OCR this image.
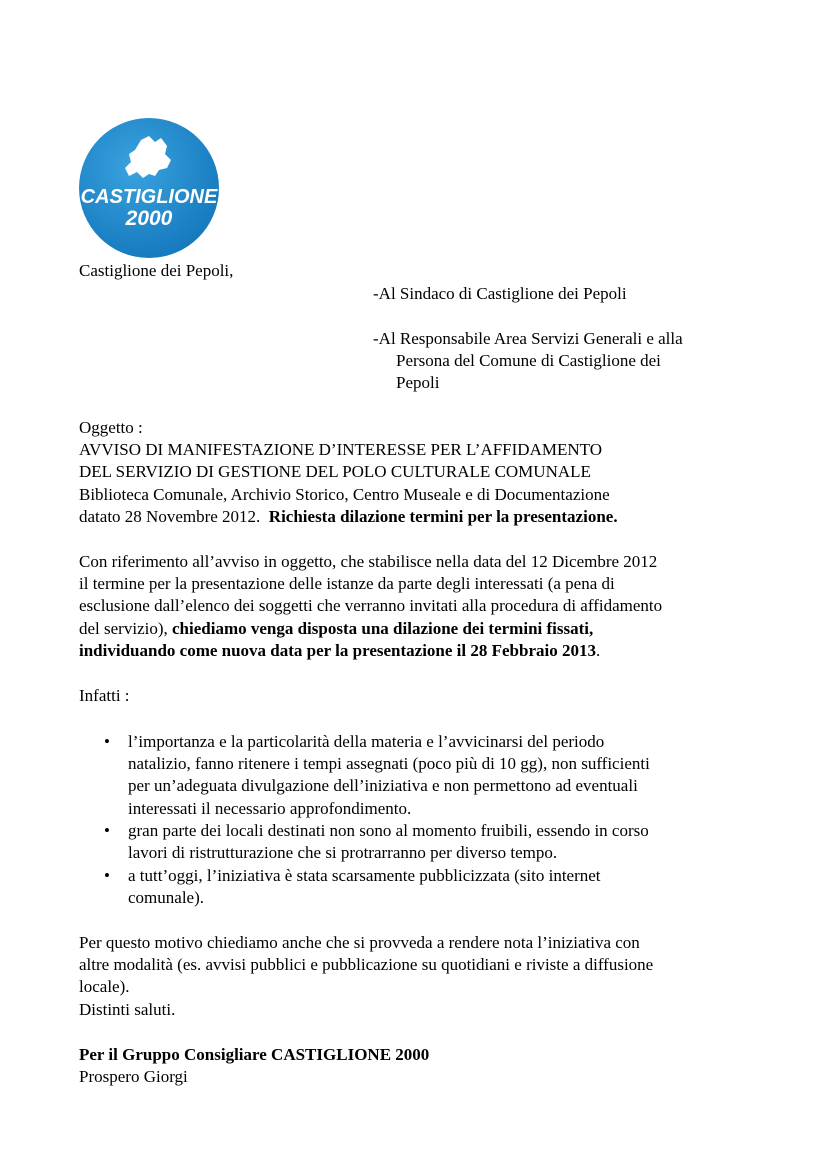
CASTIGLIONE
2000
Castiglione dei Pepoli,
-Al Sindaco di Castiglione dei Pepoli
-Al Responsabile Area Servizi Generali e alla
Persona del Comune di Castiglione dei
Pepoli
Oggetto :
AVVISO DI MANIFESTAZIONE D’INTERESSE PER L’AFFIDAMENTO
DEL SERVIZIO DI GESTIONE DEL POLO CULTURALE COMUNALE
Biblioteca Comunale, Archivio Storico, Centro Museale e di Documentazione
datato 28 Novembre 2012.  Richiesta dilazione termini per la presentazione.
Con riferimento all’avviso in oggetto, che stabilisce nella data del 12 Dicembre 2012
il termine per la presentazione delle istanze da parte degli interessati (a pena di
esclusione dall’elenco dei soggetti che verranno invitati alla procedura di affidamento
del servizio), chiediamo venga disposta una dilazione dei termini fissati,
individuando come nuova data per la presentazione il 28 Febbraio 2013.
Infatti :
• l’importanza e la particolarità della materia e l’avvicinarsi del periodo
natalizio, fanno ritenere i tempi assegnati (poco più di 10 gg), non sufficienti
per un’adeguata divulgazione dell’iniziativa e non permettono ad eventuali
interessati il necessario approfondimento.
• gran parte dei locali destinati non sono al momento fruibili, essendo in corso
lavori di ristrutturazione che si protrarranno per diverso tempo.
• a tutt’oggi, l’iniziativa è stata scarsamente pubblicizzata (sito internet
comunale).
Per questo motivo chiediamo anche che si provveda a rendere nota l’iniziativa con
altre modalità (es. avvisi pubblici e pubblicazione su quotidiani e riviste a diffusione
locale).
Distinti saluti.
Per il Gruppo Consigliare CASTIGLIONE 2000
Prospero Giorgi
